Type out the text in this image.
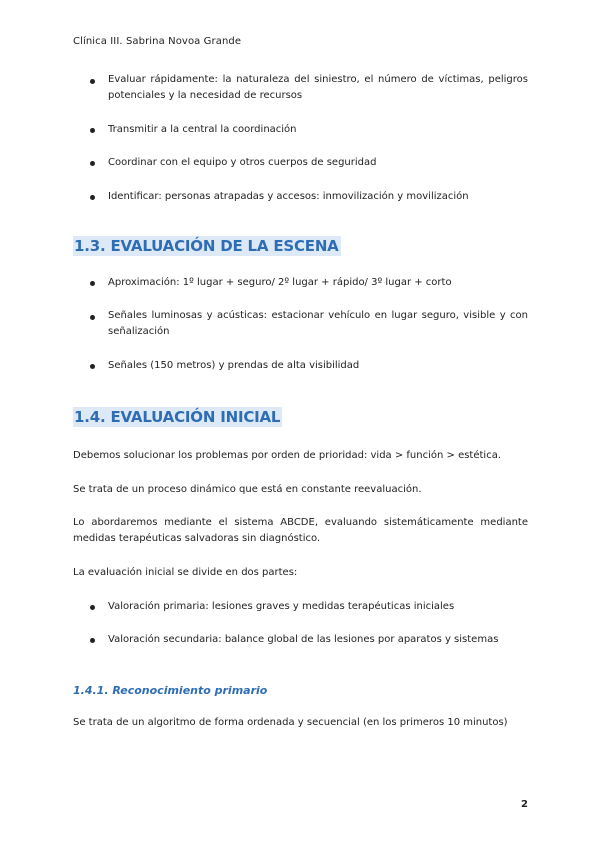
Clínica III. Sabrina Novoa Grande
Evaluar rápidamente: la naturaleza del siniestro, el número de víctimas, peligros potenciales y la necesidad de recursos
Transmitir a la central la coordinación
Coordinar con el equipo y otros cuerpos de seguridad
Identificar: personas atrapadas y accesos: inmovilización y movilización
1.3. EVALUACIÓN DE LA ESCENA
Aproximación: 1º lugar + seguro/ 2º lugar + rápido/ 3º lugar + corto
Señales luminosas y acústicas: estacionar vehículo en lugar seguro, visible y con señalización
Señales (150 metros) y prendas de alta visibilidad
1.4. EVALUACIÓN INICIAL
Debemos solucionar los problemas por orden de prioridad: vida > función > estética.
Se trata de un proceso dinámico que está en constante reevaluación.
Lo abordaremos mediante el sistema ABCDE, evaluando sistemáticamente mediante medidas terapéuticas salvadoras sin diagnóstico.
La evaluación inicial se divide en dos partes:
Valoración primaria: lesiones graves y medidas terapéuticas iniciales
Valoración secundaria: balance global de las lesiones por aparatos y sistemas
1.4.1. Reconocimiento primario
Se trata de un algoritmo de forma ordenada y secuencial (en los primeros 10 minutos)
2
